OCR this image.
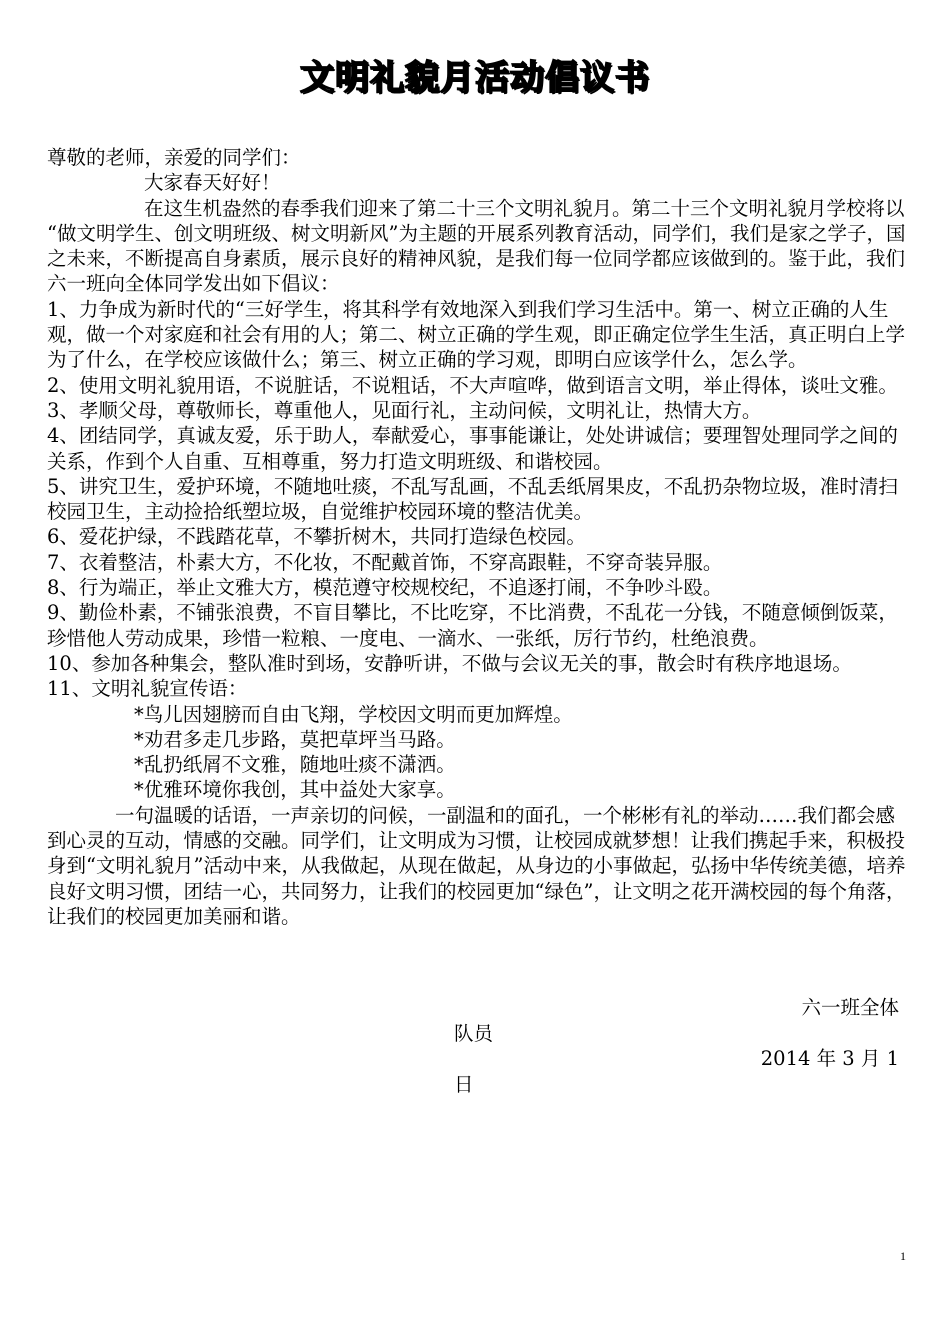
文明礼貌月活动倡议书

尊敬的老师，亲爱的同学们：

大家春天好好！

在这生机盎然的春季我们迎来了第二十三个文明礼貌月。第二十三个文明礼貌月学校将以 “做文明学生、创文明班级、树文明新风”为主题的开展系列教育活动，同学们，我们是家之学子，国之未来，不断提高自身素质，展示良好的精神风貌，是我们每一位同学都应该做到的。鉴于此，我们六一班向全体同学发出如下倡议：

1、力争成为新时代的“三好学生，将其科学有效地深入到我们学习生活中。第一、树立正确的人生观，做一个对家庭和社会有用的人；第二、树立正确的学生观，即正确定位学生生活，真正明白上学为了什么，在学校应该做什么；第三、树立正确的学习观，即明白应该学什么，怎么学。

2、使用文明礼貌用语，不说脏话，不说粗话，不大声喧哗，做到语言文明，举止得体，谈吐文雅。

3、孝顺父母，尊敬师长，尊重他人，见面行礼，主动问候，文明礼让，热情大方。

4、团结同学，真诚友爱，乐于助人，奉献爱心，事事能谦让，处处讲诚信；要理智处理同学之间的关系，作到个人自重、互相尊重，努力打造文明班级、和谐校园。

5、讲究卫生，爱护环境，不随地吐痰，不乱写乱画，不乱丢纸屑果皮，不乱扔杂物垃圾，准时清扫校园卫生，主动捡拾纸塑垃圾，自觉维护校园环境的整洁优美。

6、爱花护绿，不践踏花草，不攀折树木，共同打造绿色校园。

7、衣着整洁，朴素大方，不化妆，不配戴首饰，不穿高跟鞋，不穿奇装异服。

8、行为端正，举止文雅大方，模范遵守校规校纪，不追逐打闹，不争吵斗殴。

9、勤俭朴素，不铺张浪费，不盲目攀比，不比吃穿，不比消费，不乱花一分钱，不随意倾倒饭菜，珍惜他人劳动成果，珍惜一粒粮、一度电、一滴水、一张纸，厉行节约，杜绝浪费。

10、参加各种集会，整队准时到场，安静听讲，不做与会议无关的事，散会时有秩序地退场。

11、文明礼貌宣传语：

*鸟儿因翅膀而自由飞翔，学校因文明而更加辉煌。

*劝君多走几步路，莫把草坪当马路。

*乱扔纸屑不文雅，随地吐痰不潇洒。

*优雅环境你我创，其中益处大家享。

一句温暖的话语，一声亲切的问候，一副温和的面孔，一个彬彬有礼的举动……我们都会感到心灵的互动，情感的交融。同学们，让文明成为习惯，让校园成就梦想！让我们携起手来，积极投身到“文明礼貌月”活动中来，从我做起，从现在做起，从身边的小事做起，弘扬中华传统美德，培养良好文明习惯，团结一心，共同努力，让我们的校园更加“绿色”，让文明之花开满校园的每个角落，让我们的校园更加美丽和谐。

六一班全体
队员
2014 年 3 月 1
日
1
